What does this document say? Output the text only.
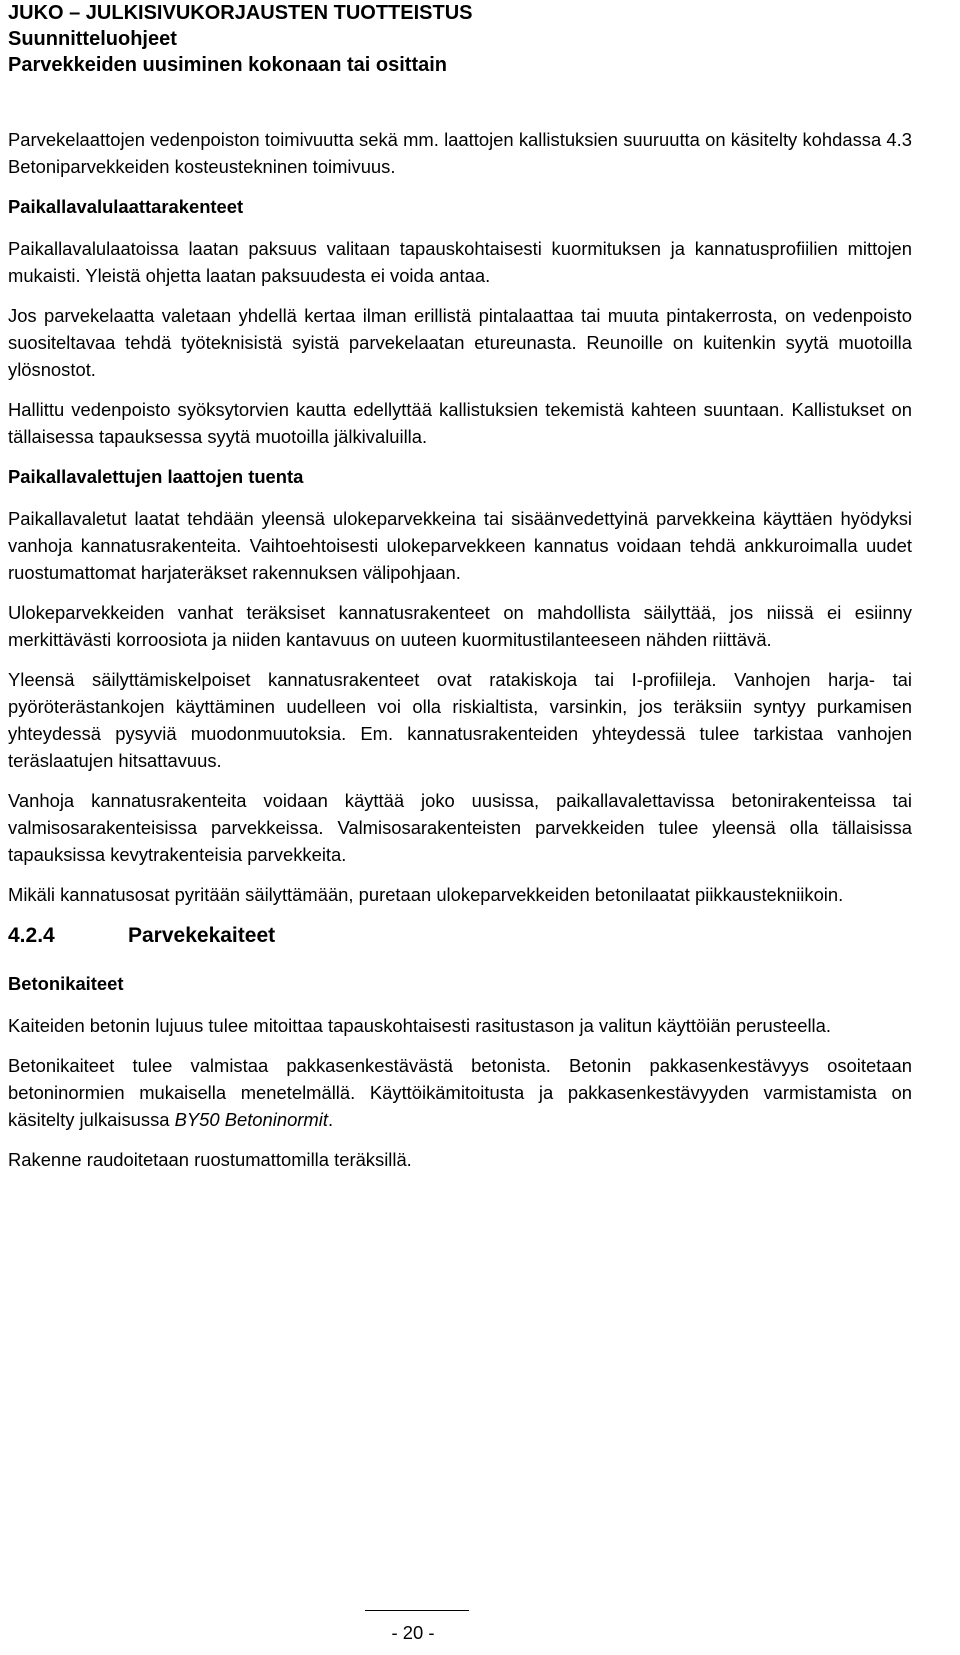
JUKO – JULKISIVUKORJAUSTEN TUOTTEISTUS
Suunnitteluohjeet
Parvekkeiden uusiminen kokonaan tai osittain

Parvekelaattojen vedenpoiston toimivuutta sekä mm. laattojen kallistuksien suuruutta on käsitelty kohdassa 4.3 Betoniparvekkeiden kosteustekninen toimivuus.

Paikallavalulaattarakenteet

Paikallavalulaatoissa laatan paksuus valitaan tapauskohtaisesti kuormituksen ja kannatusprofiilien mittojen mukaisti. Yleistä ohjetta laatan paksuudesta ei voida antaa.

Jos parvekelaatta valetaan yhdellä kertaa ilman erillistä pintalaattaa tai muuta pintakerrosta, on vedenpoisto suositeltavaa tehdä työteknisistä syistä parvekelaatan etureunasta. Reunoille on kuitenkin syytä muotoilla ylösnostot.

Hallittu vedenpoisto syöksytorvien kautta edellyttää kallistuksien tekemistä kahteen suuntaan. Kallistukset on tällaisessa tapauksessa syytä muotoilla jälkivaluilla.

Paikallavalettujen laattojen tuenta

Paikallavaletut laatat tehdään yleensä ulokeparvekkeina tai sisäänvedettyinä parvekkeina käyttäen hyödyksi vanhoja kannatusrakenteita. Vaihtoehtoisesti ulokeparvekkeen kannatus voidaan tehdä ankkuroimalla uudet ruostumattomat harjateräkset rakennuksen välipohjaan.

Ulokeparvekkeiden vanhat teräksiset kannatusrakenteet on mahdollista säilyttää, jos niissä ei esiinny merkittävästi korroosiota ja niiden kantavuus on uuteen kuormitustilanteeseen nähden riittävä.

Yleensä säilyttämiskelpoiset kannatusrakenteet ovat ratakiskoja tai I-profiileja. Vanhojen harja- tai pyöröterästankojen käyttäminen uudelleen voi olla riskialtista, varsinkin, jos teräksiin syntyy purkamisen yhteydessä pysyviä muodonmuutoksia. Em. kannatusrakenteiden yhteydessä tulee tarkistaa vanhojen teräslaatujen hitsattavuus.

Vanhoja kannatusrakenteita voidaan käyttää joko uusissa, paikallavalettavissa betonirakenteissa tai valmisosarakenteisissa parvekkeissa. Valmisosarakenteisten parvekkeiden tulee yleensä olla tällaisissa tapauksissa kevytrakenteisia parvekkeita.

Mikäli kannatusosat pyritään säilyttämään, puretaan ulokeparvekkeiden betonilaatat piikkaustekniikoin.

4.2.4	Parvekekaiteet
Betonikaiteet

Kaiteiden betonin lujuus tulee mitoittaa tapauskohtaisesti rasitustason ja valitun käyttöiän perusteella.

Betonikaiteet tulee valmistaa pakkasenkestävästä betonista. Betonin pakkasenkestävyys osoitetaan betoninormien mukaisella menetelmällä. Käyttöikämitoitusta ja pakkasenkestävyyden varmistamista on käsitelty julkaisussa BY50 Betoninormit.

Rakenne raudoitetaan ruostumattomilla teräksillä.

- 20 -
